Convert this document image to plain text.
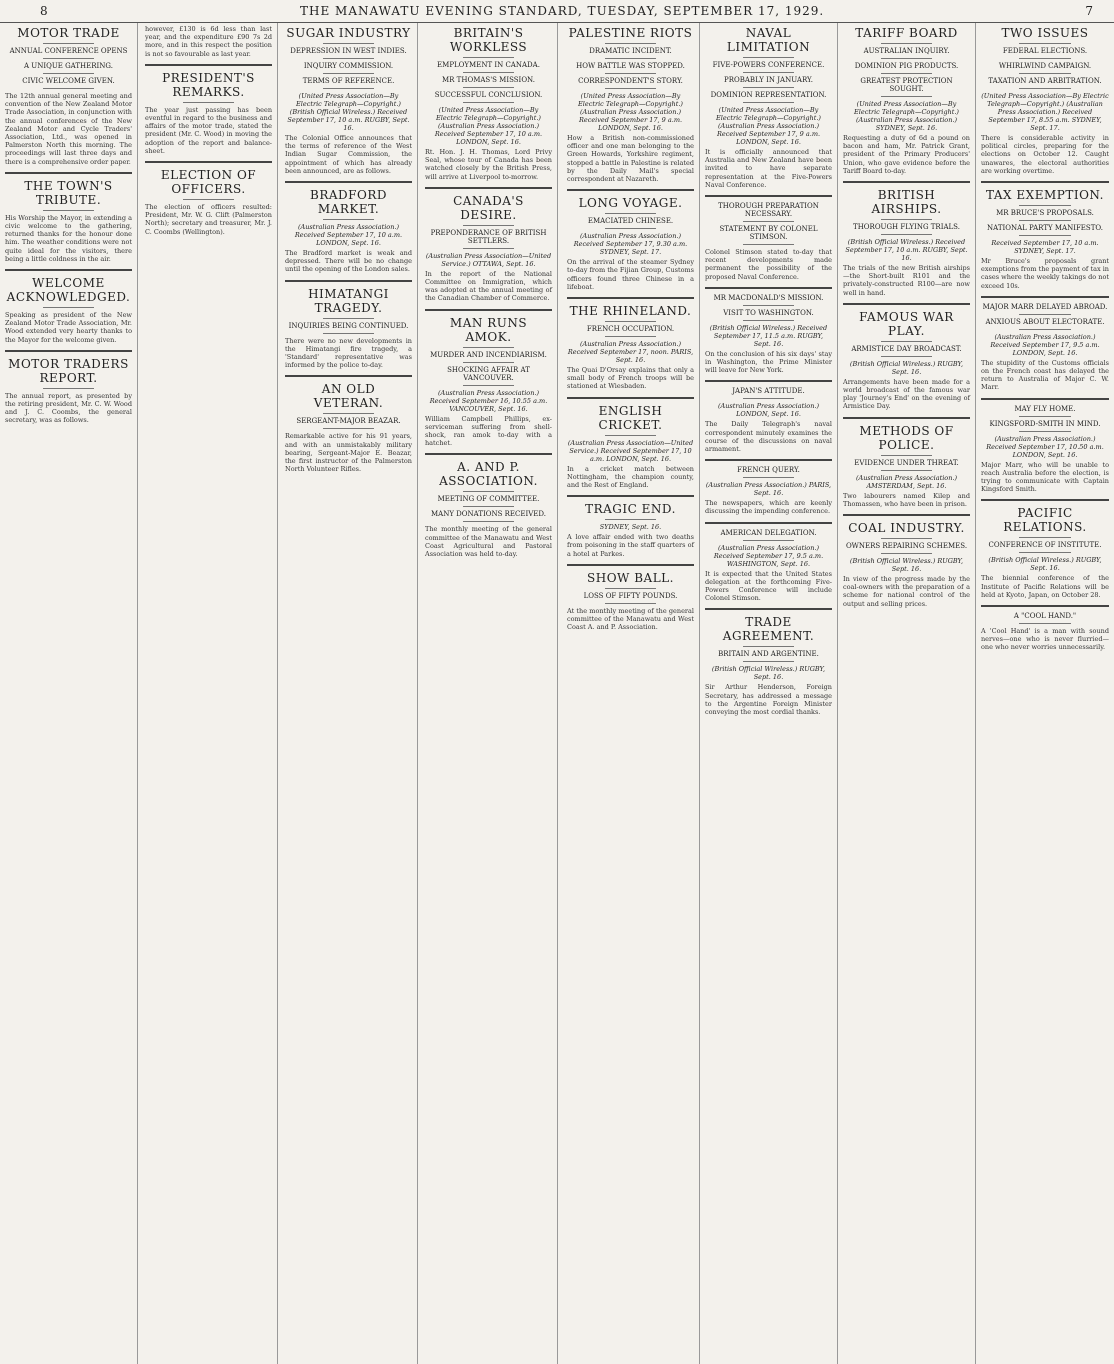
8	THE MANAWATU EVENING STANDARD, TUESDAY, SEPTEMBER 17, 1929.	7
MOTOR TRADE
ANNUAL CONFERENCE OPENS
A UNIQUE GATHERING.
CIVIC WELCOME GIVEN.
The 12th annual general meeting and convention of the New Zealand Motor Trade Association, in conjunction with the annual conferences of the New Zealand Motor and Cycle Traders' Association, Ltd., was opened in Palmerston North this morning. The proceedings will last three days and there is a comprehensive order paper.
THE TOWN'S TRIBUTE.
His Worship the Mayor, in extending a civic welcome to the gathering, returned thanks for the honour done him. The weather conditions were not quite ideal for the visitors, there being a little coldness in the air.
WELCOME ACKNOWLEDGED.
Speaking as president of the New Zealand Motor Trade Association, Mr. Wood extended very hearty thanks to the Mayor for the welcome given.
MOTOR TRADERS REPORT.
The annual report, as presented by the retiring president, Mr. C. W. Wood and J. C. Coombs, the general secretary, was as follows.
however, £130 is 6d less than last year, and the expenditure £90 7s 2d more, and in this respect the position is not so favourable as last year.
PRESIDENT'S REMARKS.
The year just passing has been eventful in regard to the business and affairs of the motor trade, stated the president (Mr. C. Wood) in moving the adoption of the report and balance-sheet.
ELECTION OF OFFICERS.
The election of officers resulted: President, Mr. W. G. Clift (Palmerston North); secretary and treasurer, Mr. J. C. Coombs (Wellington).
SUGAR INDUSTRY
DEPRESSION IN WEST INDIES.
INQUIRY COMMISSION.
TERMS OF REFERENCE.
(United Press Association—By Electric Telegraph—Copyright.) (British Official Wireless.) Received September 17, 10 a.m. RUGBY, Sept. 16.
The Colonial Office announces that the terms of reference of the West Indian Sugar Commission, the appointment of which has already been announced, are as follows.
BRADFORD MARKET.
(Australian Press Association.) Received September 17, 10 a.m. LONDON, Sept. 16.
The Bradford market is weak and depressed. There will be no change until the opening of the London sales.
HIMATANGI TRAGEDY.
INQUIRIES BEING CONTINUED.
There were no new developments in the Himatangi fire tragedy, a 'Standard' representative was informed by the police to-day.
AN OLD VETERAN.
SERGEANT-MAJOR BEAZAR.
Remarkable active for his 91 years, and with an unmistakably military bearing, Sergeant-Major E. Beazar, the first instructor of the Palmerston North Volunteer Rifles.
BRITAIN'S WORKLESS
EMPLOYMENT IN CANADA.
MR THOMAS'S MISSION.
SUCCESSFUL CONCLUSION.
(United Press Association—By Electric Telegraph—Copyright.) (Australian Press Association.) Received September 17, 10 a.m. LONDON, Sept. 16.
Rt. Hon. J. H. Thomas, Lord Privy Seal, whose tour of Canada has been watched closely by the British Press, will arrive at Liverpool to-morrow.
CANADA'S DESIRE.
PREPONDERANCE OF BRITISH SETTLERS.
(Australian Press Association—United Service.) OTTAWA, Sept. 16.
In the report of the National Committee on Immigration, which was adopted at the annual meeting of the Canadian Chamber of Commerce.
MAN RUNS AMOK.
MURDER AND INCENDIARISM.
SHOCKING AFFAIR AT VANCOUVER.
(Australian Press Association.) Received September 16, 10.55 a.m. VANCOUVER, Sept. 16.
William Campbell Phillips, ex-serviceman suffering from shell-shock, ran amok to-day with a hatchet.
A. AND P. ASSOCIATION.
MEETING OF COMMITTEE.
MANY DONATIONS RECEIVED.
The monthly meeting of the general committee of the Manawatu and West Coast Agricultural and Pastoral Association was held to-day.
PALESTINE RIOTS
DRAMATIC INCIDENT.
HOW BATTLE WAS STOPPED.
CORRESPONDENT'S STORY.
(United Press Association—By Electric Telegraph—Copyright.) (Australian Press Association.) Received September 17, 9 a.m. LONDON, Sept. 16.
How a British non-commissioned officer and one man belonging to the Green Howards, Yorkshire regiment, stopped a battle in Palestine is related by the Daily Mail's special correspondent at Nazareth.
LONG VOYAGE.
EMACIATED CHINESE.
(Australian Press Association.) Received September 17, 9.30 a.m. SYDNEY, Sept. 17.
On the arrival of the steamer Sydney to-day from the Fijian Group, Customs officers found three Chinese in a lifeboat.
THE RHINELAND.
FRENCH OCCUPATION.
(Australian Press Association.) Received September 17, noon. PARIS, Sept. 16.
The Quai D'Orsay explains that only a small body of French troops will be stationed at Wiesbaden.
ENGLISH CRICKET.
(Australian Press Association—United Service.) Received September 17, 10 a.m. LONDON, Sept. 16.
In a cricket match between Nottingham, the champion county, and the Rest of England.
TRAGIC END.
SYDNEY, Sept. 16.
A love affair ended with two deaths from poisoning in the staff quarters of a hotel at Parkes.
SHOW BALL.
LOSS OF FIFTY POUNDS.
At the monthly meeting of the general committee of the Manawatu and West Coast A. and P. Association.
NAVAL LIMITATION
FIVE-POWERS CONFERENCE.
PROBABLY IN JANUARY.
DOMINION REPRESENTATION.
(United Press Association—By Electric Telegraph—Copyright.) (Australian Press Association.) Received September 17, 9 a.m. LONDON, Sept. 16.
It is officially announced that Australia and New Zealand have been invited to have separate representation at the Five-Powers Naval Conference.
THOROUGH PREPARATION NECESSARY.
STATEMENT BY COLONEL STIMSON.
Colonel Stimson stated to-day that recent developments made permanent the possibility of the proposed Naval Conference.
MR MACDONALD'S MISSION.
VISIT TO WASHINGTON.
(British Official Wireless.) Received September 17, 11.5 a.m. RUGBY, Sept. 16.
On the conclusion of his six days' stay in Washington, the Prime Minister will leave for New York.
JAPAN'S ATTITUDE.
(Australian Press Association.) LONDON, Sept. 16.
The Daily Telegraph's naval correspondent minutely examines the course of the discussions on naval armament.
FRENCH QUERY.
(Australian Press Association.) PARIS, Sept. 16.
The newspapers, which are keenly discussing the impending conference.
AMERICAN DELEGATION.
(Australian Press Association.) Received September 17, 9.5 a.m. WASHINGTON, Sept. 16.
It is expected that the United States delegation at the forthcoming Five-Powers Conference will include Colonel Stimson.
TRADE AGREEMENT.
BRITAIN AND ARGENTINE.
(British Official Wireless.) RUGBY, Sept. 16.
Sir Arthur Henderson, Foreign Secretary, has addressed a message to the Argentine Foreign Minister conveying the most cordial thanks.
TARIFF BOARD
AUSTRALIAN INQUIRY.
DOMINION PIG PRODUCTS.
GREATEST PROTECTION SOUGHT.
(United Press Association—By Electric Telegraph—Copyright.) (Australian Press Association.) SYDNEY, Sept. 16.
Requesting a duty of 6d a pound on bacon and ham, Mr. Patrick Grant, president of the Primary Producers' Union, who gave evidence before the Tariff Board to-day.
BRITISH AIRSHIPS.
THOROUGH FLYING TRIALS.
(British Official Wireless.) Received September 17, 10 a.m. RUGBY, Sept. 16.
The trials of the new British airships—the Short-built R101 and the privately-constructed R100—are now well in hand.
FAMOUS WAR PLAY.
ARMISTICE DAY BROADCAST.
(British Official Wireless.) RUGBY, Sept. 16.
Arrangements have been made for a world broadcast of the famous war play 'Journey's End' on the evening of Armistice Day.
METHODS OF POLICE.
EVIDENCE UNDER THREAT.
(Australian Press Association.) AMSTERDAM, Sept. 16.
Two labourers named Kilep and Thomassen, who have been in prison.
COAL INDUSTRY.
OWNERS REPAIRING SCHEMES.
(British Official Wireless.) RUGBY, Sept. 16.
In view of the progress made by the coal-owners with the preparation of a scheme for national control of the output and selling prices.
TWO ISSUES
FEDERAL ELECTIONS.
WHIRLWIND CAMPAIGN.
TAXATION AND ARBITRATION.
(United Press Association—By Electric Telegraph—Copyright.) (Australian Press Association.) Received September 17, 8.55 a.m. SYDNEY, Sept. 17.
There is considerable activity in political circles, preparing for the elections on October 12. Caught unawares, the electoral authorities are working overtime.
TAX EXEMPTION.
MR BRUCE'S PROPOSALS.
NATIONAL PARTY MANIFESTO.
Received September 17, 10 a.m. SYDNEY, Sept. 17.
Mr Bruce's proposals grant exemptions from the payment of tax in cases where the weekly takings do not exceed 10s.
MAJOR MARR DELAYED ABROAD.
ANXIOUS ABOUT ELECTORATE.
(Australian Press Association.) Received September 17, 9.5 a.m. LONDON, Sept. 16.
The stupidity of the Customs officials on the French coast has delayed the return to Australia of Major C. W. Marr.
MAY FLY HOME.
KINGSFORD-SMITH IN MIND.
(Australian Press Association.) Received September 17, 10.50 a.m. LONDON, Sept. 16.
Major Marr, who will be unable to reach Australia before the election, is trying to communicate with Captain Kingsford Smith.
PACIFIC RELATIONS.
CONFERENCE OF INSTITUTE.
(British Official Wireless.) RUGBY, Sept. 16.
The biennial conference of the Institute of Pacific Relations will be held at Kyoto, Japan, on October 28.
A "COOL HAND."
A 'Cool Hand' is a man with sound nerves—one who is never flurried—one who never worries unnecessarily.
